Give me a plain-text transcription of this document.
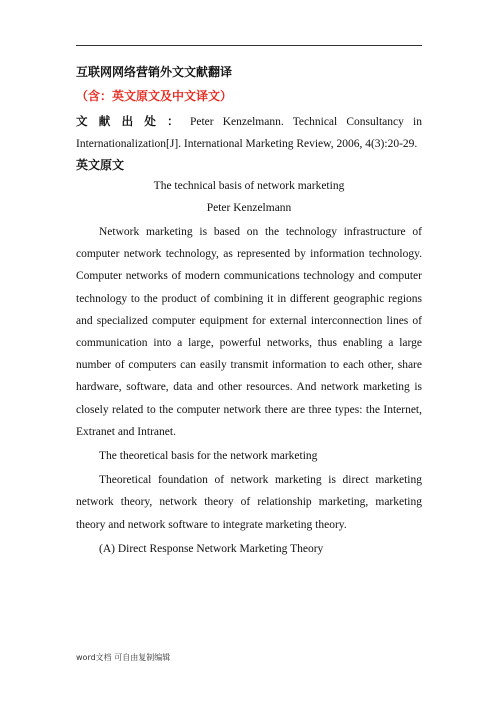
互联网网络营销外文文献翻译

（含：英文原文及中文译文）

文献出处：Peter Kenzelmann. Technical Consultancy in Internationalization[J]. International Marketing Review, 2006, 4(3):20-29.

英文原文

The technical basis of network marketing

Peter Kenzelmann

Network marketing is based on the technology infrastructure of computer network technology, as represented by information technology. Computer networks of modern communications technology and computer technology to the product of combining it in different geographic regions and specialized computer equipment for external interconnection lines of communication into a large, powerful networks, thus enabling a large number of computers can easily transmit information to each other, share hardware, software, data and other resources. And network marketing is closely related to the computer network there are three types: the Internet, Extranet and Intranet.

The theoretical basis for the network marketing

Theoretical foundation of network marketing is direct marketing network theory, network theory of relationship marketing, marketing theory and network software to integrate marketing theory.

(A) Direct Response Network Marketing Theory

word文档 可自由复制编辑
